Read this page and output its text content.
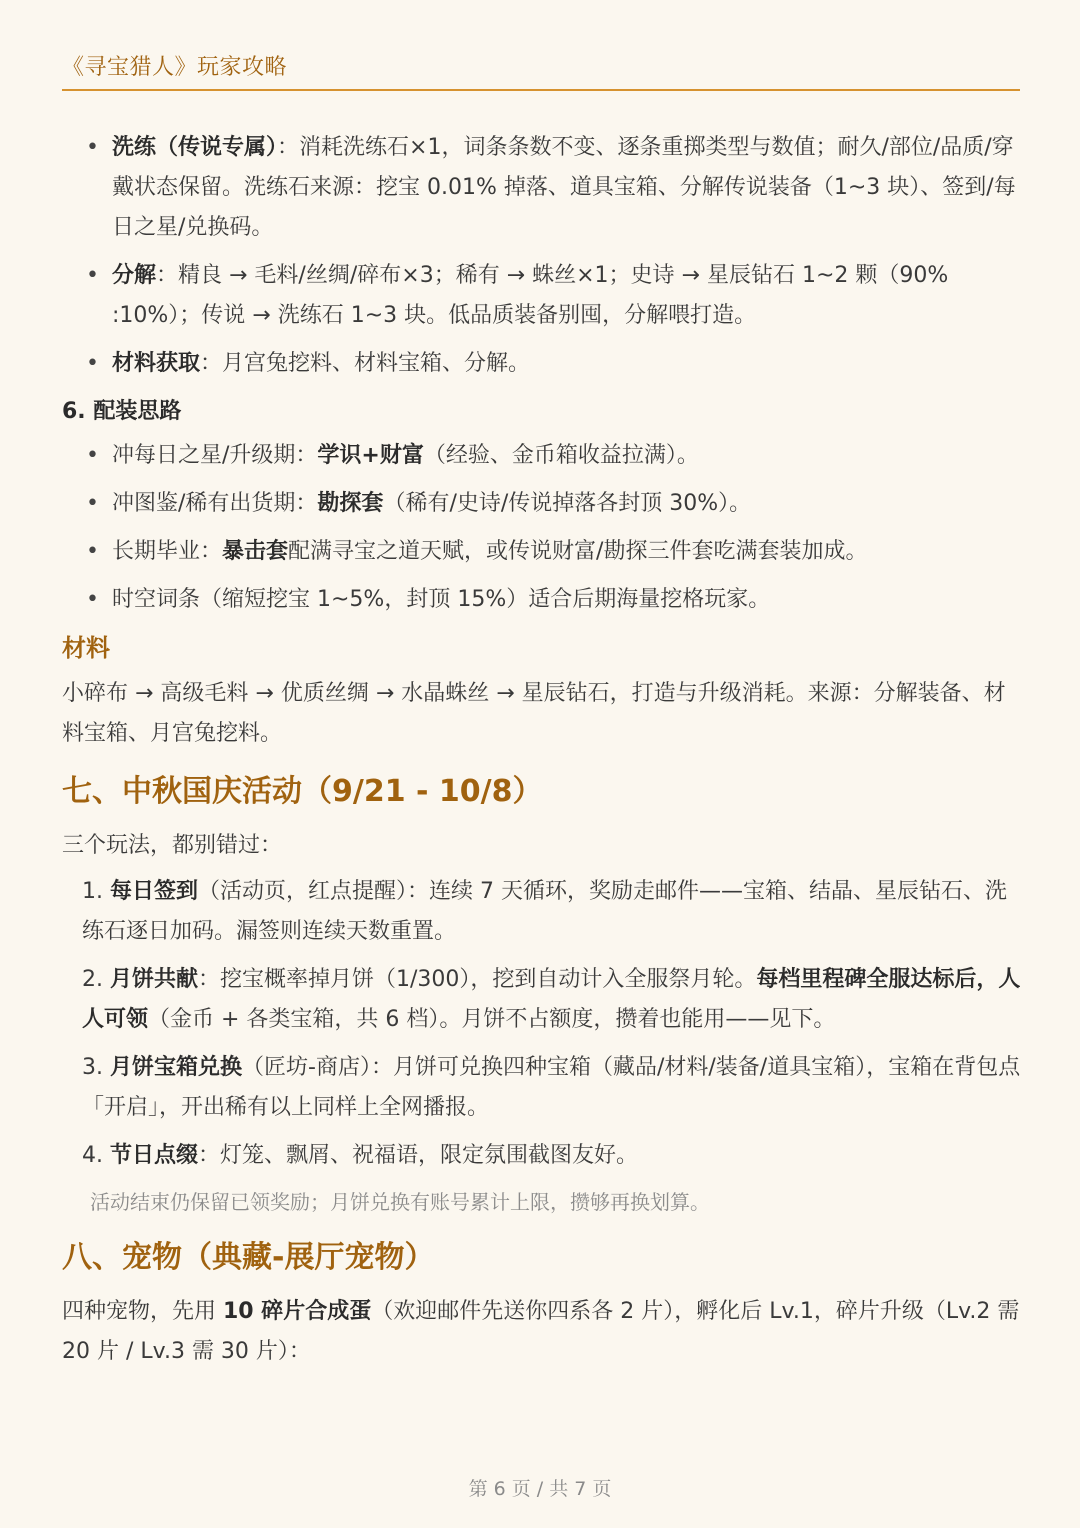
《寻宝猎人》玩家攻略
• 洗练（传说专属）：消耗洗练石×1，词条条数不变、逐条重掷类型与数值；耐久/部位/品质/穿戴状态保留。洗练石来源：挖宝 0.01% 掉落、道具宝箱、分解传说装备（1~3 块）、签到/每日之星/兑换码。
• 分解：精良 → 毛料/丝绸/碎布×3；稀有 → 蛛丝×1；史诗 → 星辰钻石 1~2 颗（90% :10%）；传说 → 洗练石 1~3 块。低品质装备别囤，分解喂打造。
• 材料获取：月宫兔挖料、材料宝箱、分解。
6. 配装思路
• 冲每日之星/升级期：学识+财富（经验、金币箱收益拉满）。
• 冲图鉴/稀有出货期：勘探套（稀有/史诗/传说掉落各封顶 30%）。
• 长期毕业：暴击套配满寻宝之道天赋，或传说财富/勘探三件套吃满套装加成。
• 时空词条（缩短挖宝 1~5%，封顶 15%）适合后期海量挖格玩家。
材料

小碎布 → 高级毛料 → 优质丝绸 → 水晶蛛丝 → 星辰钻石，打造与升级消耗。来源：分解装备、材料宝箱、月宫兔挖料。

七、中秋国庆活动（9/21 - 10/8）

三个玩法，都别错过：

1. 每日签到（活动页，红点提醒）：连续 7 天循环，奖励走邮件——宝箱、结晶、星辰钻石、洗练石逐日加码。漏签则连续天数重置。
2. 月饼共献：挖宝概率掉月饼（1/300），挖到自动计入全服祭月轮。每档里程碑全服达标后，人人可领（金币 + 各类宝箱，共 6 档）。月饼不占额度，攒着也能用——见下。
3. 月饼宝箱兑换（匠坊-商店）：月饼可兑换四种宝箱（藏品/材料/装备/道具宝箱），宝箱在背包点「开启」，开出稀有以上同样上全网播报。
4. 节日点缀：灯笼、飘屑、祝福语，限定氛围截图友好。

活动结束仍保留已领奖励；月饼兑换有账号累计上限，攒够再换划算。

八、宠物（典藏-展厅宠物）

四种宠物，先用 10 碎片合成蛋（欢迎邮件先送你四系各 2 片），孵化后 Lv.1，碎片升级（Lv.2 需 20 片 / Lv.3 需 30 片）：

第 6 页 / 共 7 页
